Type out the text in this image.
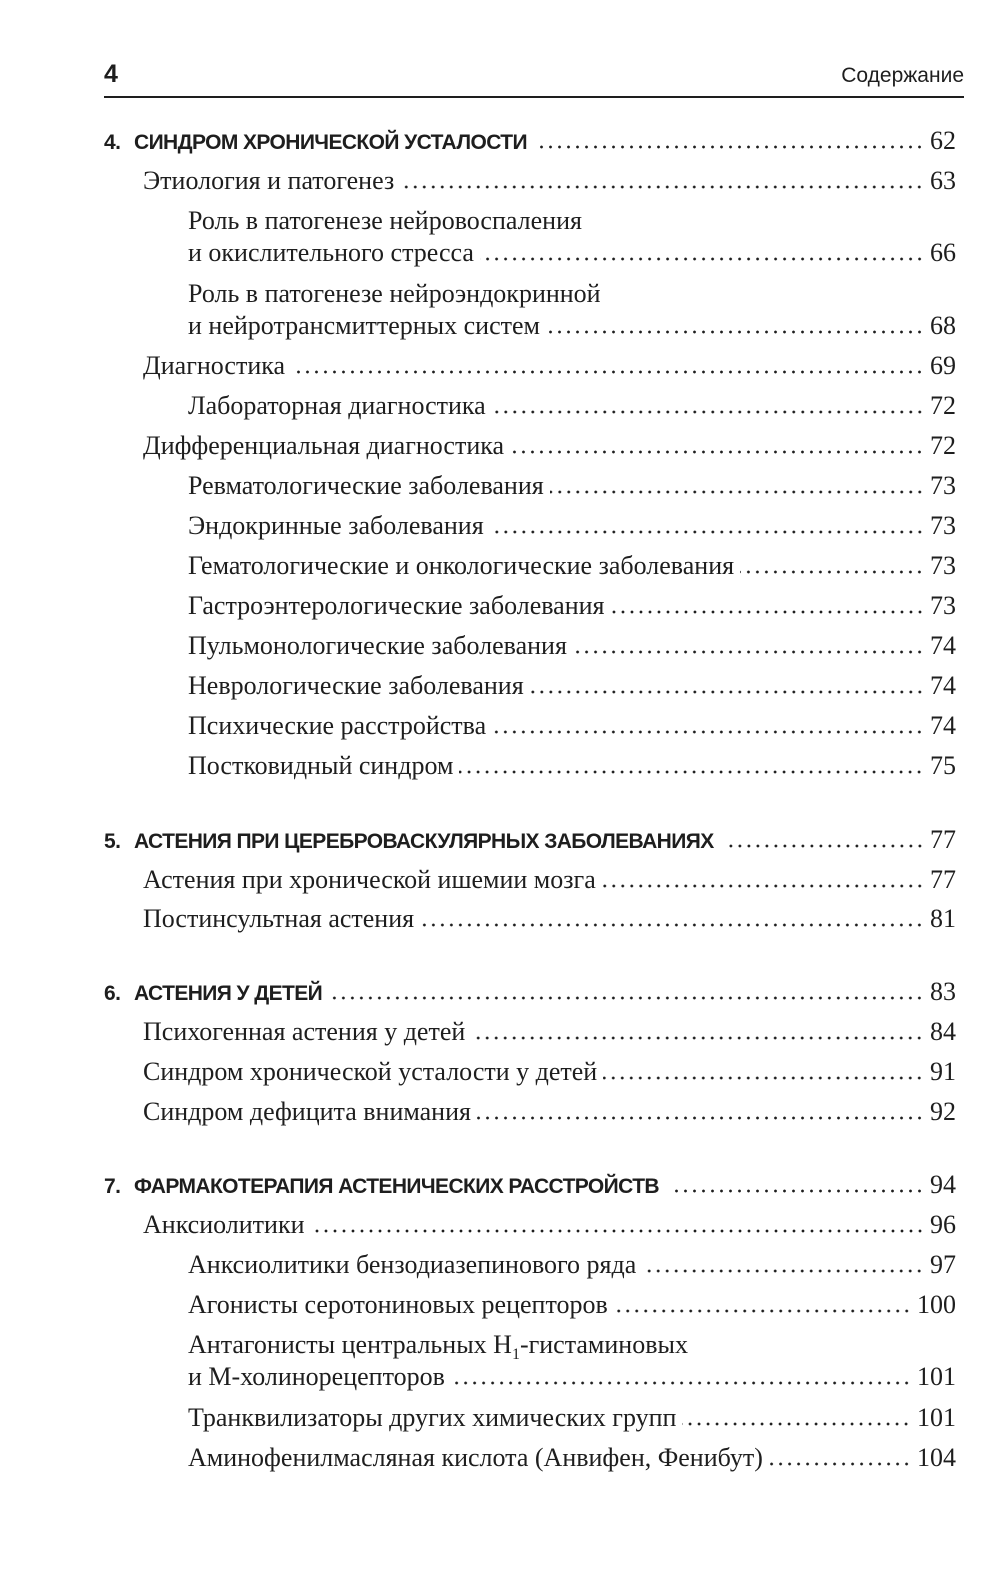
4	Содержание
4. СИНДРОМ ХРОНИЧЕСКОЙ УСТАЛОСТИ	62
Этиология и патогенез	63
Роль в патогенезе нейровоспаления
и окислительного стресса	66
Роль в патогенезе нейроэндокринной
и нейротрансмиттерных систем	68
Диагностика	69
Лабораторная диагностика	72
Дифференциальная диагностика	72
Ревматологические заболевания	73
Эндокринные заболевания	73
Гематологические и онкологические заболевания	73
Гастроэнтерологические заболевания	73
Пульмонологические заболевания	74
Неврологические заболевания	74
Психические расстройства	74
Постковидный синдром	75
5. АСТЕНИЯ ПРИ ЦЕРЕБРОВАСКУЛЯРНЫХ ЗАБОЛЕВАНИЯХ	77
Астения при хронической ишемии мозга	77
Постинсультная астения	81
6. АСТЕНИЯ У ДЕТЕЙ	83
Психогенная астения у детей	84
Синдром хронической усталости у детей	91
Синдром дефицита внимания	92
7. ФАРМАКОТЕРАПИЯ АСТЕНИЧЕСКИХ РАССТРОЙСТВ	94
Анксиолитики	96
Анксиолитики бензодиазепинового ряда	97
Агонисты серотониновых рецепторов	100
Антагонисты центральных $H_1$-гистаминовых
и М-холинорецепторов	101
Транквилизаторы других химических групп	101
Аминофенилмасляная кислота (Анвифен, Фенибут)	104
